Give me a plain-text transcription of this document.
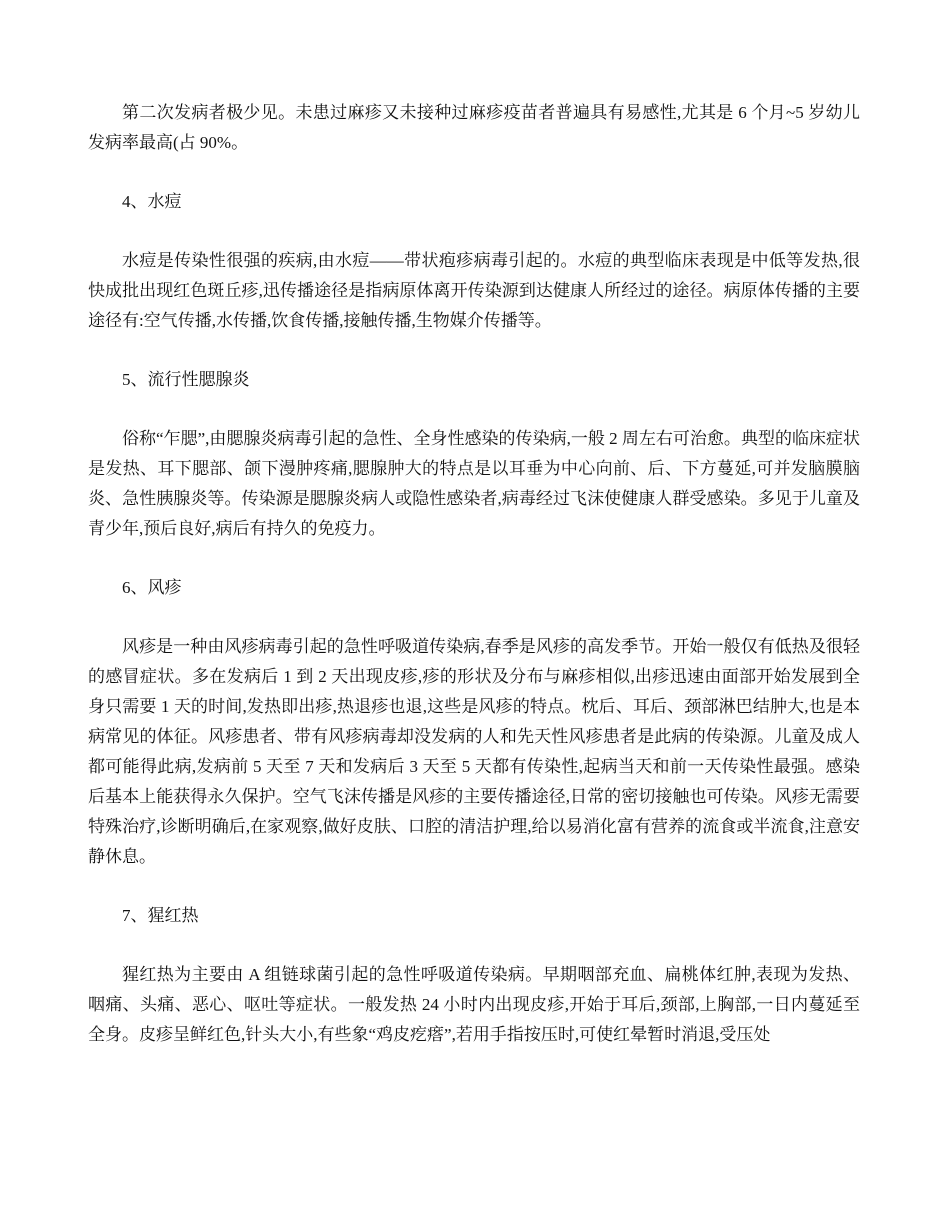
第二次发病者极少见。未患过麻疹又未接种过麻疹疫苗者普遍具有易感性,尤其是 6 个月~5 岁幼儿发病率最高(占 90%。

4、水痘

水痘是传染性很强的疾病,由水痘——带状疱疹病毒引起的。水痘的典型临床表现是中低等发热,很快成批出现红色斑丘疹,迅传播途径是指病原体离开传染源到达健康人所经过的途径。病原体传播的主要途径有:空气传播,水传播,饮食传播,接触传播,生物媒介传播等。

5、流行性腮腺炎

俗称“乍腮”,由腮腺炎病毒引起的急性、全身性感染的传染病,一般 2 周左右可治愈。典型的临床症状是发热、耳下腮部、颌下漫肿疼痛,腮腺肿大的特点是以耳垂为中心向前、后、下方蔓延,可并发脑膜脑炎、急性胰腺炎等。传染源是腮腺炎病人或隐性感染者,病毒经过飞沫使健康人群受感染。多见于儿童及青少年,预后良好,病后有持久的免疫力。

6、风疹

风疹是一种由风疹病毒引起的急性呼吸道传染病,春季是风疹的高发季节。开始一般仅有低热及很轻的感冒症状。多在发病后 1 到 2 天出现皮疹,疹的形状及分布与麻疹相似,出疹迅速由面部开始发展到全身只需要 1 天的时间,发热即出疹,热退疹也退,这些是风疹的特点。枕后、耳后、颈部淋巴结肿大,也是本病常见的体征。风疹患者、带有风疹病毒却没发病的人和先天性风疹患者是此病的传染源。儿童及成人都可能得此病,发病前 5 天至 7 天和发病后 3 天至 5 天都有传染性,起病当天和前一天传染性最强。感染后基本上能获得永久保护。空气飞沫传播是风疹的主要传播途径,日常的密切接触也可传染。风疹无需要特殊治疗,诊断明确后,在家观察,做好皮肤、口腔的清洁护理,给以易消化富有营养的流食或半流食,注意安静休息。

7、猩红热

猩红热为主要由 A 组链球菌引起的急性呼吸道传染病。早期咽部充血、扁桃体红肿,表现为发热、咽痛、头痛、恶心、呕吐等症状。一般发热 24 小时内出现皮疹,开始于耳后,颈部,上胸部,一日内蔓延至全身。皮疹呈鲜红色,针头大小,有些象“鸡皮疙瘩”,若用手指按压时,可使红晕暂时消退,受压处
